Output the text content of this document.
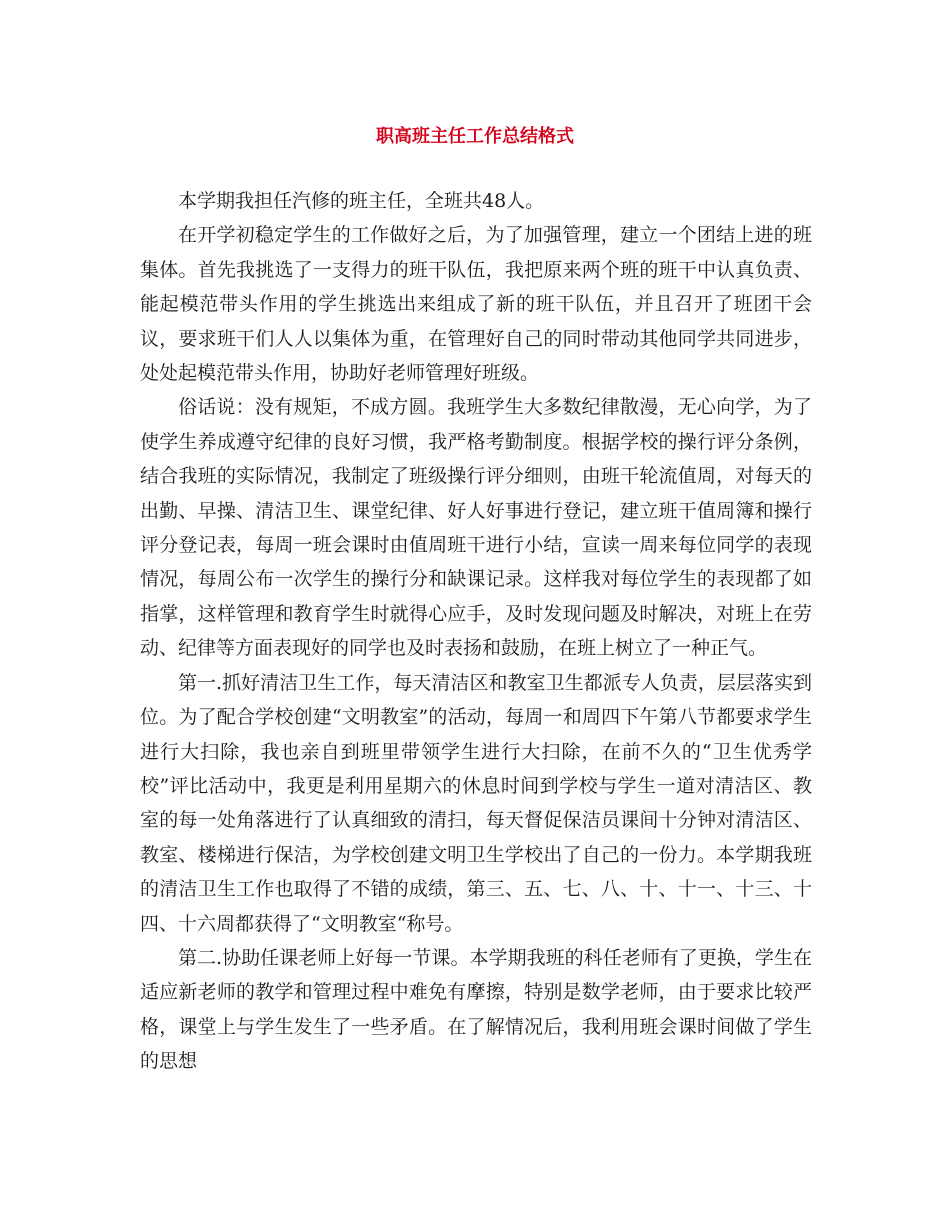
职高班主任工作总结格式

本学期我担任汽修的班主任，全班共48人。

在开学初稳定学生的工作做好之后，为了加强管理，建立一个团结上进的班集体。首先我挑选了一支得力的班干队伍，我把原来两个班的班干中认真负责、能起模范带头作用的学生挑选出来组成了新的班干队伍，并且召开了班团干会议，要求班干们人人以集体为重，在管理好自己的同时带动其他同学共同进步，处处起模范带头作用，协助好老师管理好班级。

俗话说：没有规矩，不成方圆。我班学生大多数纪律散漫，无心向学，为了使学生养成遵守纪律的良好习惯，我严格考勤制度。根据学校的操行评分条例，结合我班的实际情况，我制定了班级操行评分细则，由班干轮流值周，对每天的出勤、早操、清洁卫生、课堂纪律、好人好事进行登记，建立班干值周簿和操行评分登记表，每周一班会课时由值周班干进行小结，宣读一周来每位同学的表现情况，每周公布一次学生的操行分和缺课记录。这样我对每位学生的表现都了如指掌，这样管理和教育学生时就得心应手，及时发现问题及时解决，对班上在劳动、纪律等方面表现好的同学也及时表扬和鼓励，在班上树立了一种正气。

第一.抓好清洁卫生工作，每天清洁区和教室卫生都派专人负责，层层落实到位。为了配合学校创建“文明教室”的活动，每周一和周四下午第八节都要求学生进行大扫除，我也亲自到班里带领学生进行大扫除，在前不久的“卫生优秀学校”评比活动中，我更是利用星期六的休息时间到学校与学生一道对清洁区、教室的每一处角落进行了认真细致的清扫，每天督促保洁员课间十分钟对清洁区、教室、楼梯进行保洁，为学校创建文明卫生学校出了自己的一份力。本学期我班的清洁卫生工作也取得了不错的成绩，第三、五、七、八、十、十一、十三、十四、十六周都获得了“文明教室“称号。

第二.协助任课老师上好每一节课。本学期我班的科任老师有了更换，学生在适应新老师的教学和管理过程中难免有摩擦，特别是数学老师，由于要求比较严格，课堂上与学生发生了一些矛盾。在了解情况后，我利用班会课时间做了学生的思想
